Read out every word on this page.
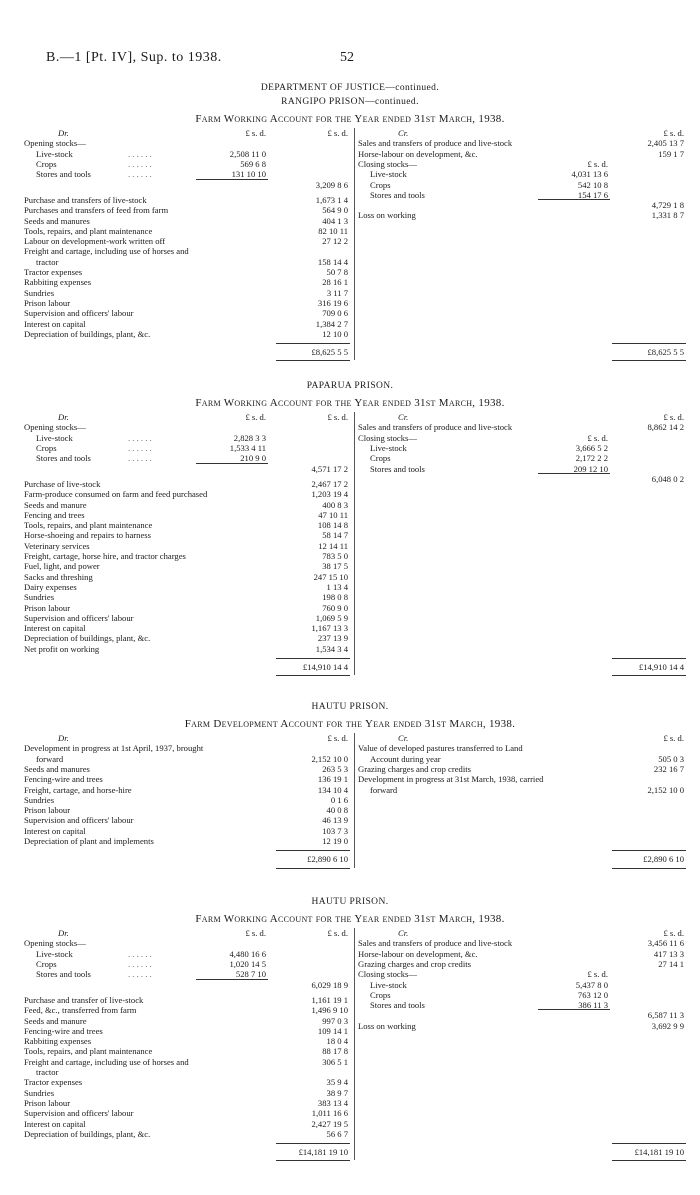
B.—1 [Pt. IV], Sup. to 1938.	52
DEPARTMENT OF JUSTICE—continued.
RANGIPO PRISON—continued.
Farm Working Account for the Year ended 31st March, 1938.
Dr.	£ s. d.	£ s. d.
Opening stocks—
Live-stock	. . . . . .	2,508 11 0
Crops	. . . . . .	569 6 8
Stores and tools	. . . . . .	131 10 10
3,209 8 6
Purchase and transfers of live-stock	1,673 1 4
Purchases and transfers of feed from farm	564 9 0
Seeds and manures	404 1 3
Tools, repairs, and plant maintenance	82 10 11
Labour on development-work written off	27 12 2
Freight and cartage, including use of horses and
tractor	158 14 4
Tractor expenses	50 7 8
Rabbiting expenses	28 16 1
Sundries	3 11 7
Prison labour	316 19 6
Supervision and officers' labour	709 0 6
Interest on capital	1,384 2 7
Depreciation of buildings, plant, &c.	12 10 0
£8,625 5 5
Cr.	£ s. d.
Sales and transfers of produce and live-stock	2,405 13 7
Horse-labour on development, &c.	159 1 7
Closing stocks—	£ s. d.
Live-stock	4,031 13 6
Crops	542 10 8
Stores and tools	154 17 6
4,729 1 8
Loss on working	1,331 8 7
£8,625 5 5
PAPARUA PRISON.
Farm Working Account for the Year ended 31st March, 1938.
Dr.	£ s. d.	£ s. d.
Opening stocks—
Live-stock	. . . . . .	2,828 3 3
Crops	. . . . . .	1,533 4 11
Stores and tools	. . . . . .	210 9 0
4,571 17 2
Purchase of live-stock	2,467 17 2
Farm-produce consumed on farm and feed purchased	1,203 19 4
Seeds and manure	400 8 3
Fencing and trees	47 10 11
Tools, repairs, and plant maintenance	108 14 8
Horse-shoeing and repairs to harness	58 14 7
Veterinary services	12 14 11
Freight, cartage, horse hire, and tractor charges	783 5 0
Fuel, light, and power	38 17 5
Sacks and threshing	247 15 10
Dairy expenses	1 13 4
Sundries	198 0 8
Prison labour	760 9 0
Supervision and officers' labour	1,069 5 9
Interest on capital	1,167 13 3
Depreciation of buildings, plant, &c.	237 13 9
Net profit on working	1,534 3 4
£14,910 14 4
Cr.	£ s. d.
Sales and transfers of produce and live-stock	8,862 14 2
Closing stocks—	£ s. d.
Live-stock	3,666 5 2
Crops	2,172 2 2
Stores and tools	209 12 10
6,048 0 2
£14,910 14 4
HAUTU PRISON.
Farm Development Account for the Year ended 31st March, 1938.
Dr.	£ s. d.
Development in progress at 1st April, 1937, brought
forward	2,152 10 0
Seeds and manures	263 5 3
Fencing-wire and trees	136 19 1
Freight, cartage, and horse-hire	134 10 4
Sundries	0 1 6
Prison labour	40 0 8
Supervision and officers' labour	46 13 9
Interest on capital	103 7 3
Depreciation of plant and implements	12 19 0
£2,890 6 10
Cr.	£ s. d.
Value of developed pastures transferred to Land
Account during year	505 0 3
Grazing charges and crop credits	232 16 7
Development in progress at 31st March, 1938, carried
forward	2,152 10 0
£2,890 6 10
HAUTU PRISON.
Farm Working Account for the Year ended 31st March, 1938.
Dr.	£ s. d.	£ s. d.
Opening stocks—
Live-stock	. . . . . .	4,480 16 6
Crops	. . . . . .	1,020 14 5
Stores and tools	. . . . . .	528 7 10
6,029 18 9
Purchase and transfer of live-stock	1,161 19 1
Feed, &c., transferred from farm	1,496 9 10
Seeds and manure	997 0 3
Fencing-wire and trees	109 14 1
Rabbiting expenses	18 0 4
Tools, repairs, and plant maintenance	88 17 8
Freight and cartage, including use of horses and	306 5 1
tractor
Tractor expenses	35 9 4
Sundries	38 9 7
Prison labour	383 13 4
Supervision and officers' labour	1,011 16 6
Interest on capital	2,427 19 5
Depreciation of buildings, plant, &c.	56 6 7
£14,181 19 10
Cr.	£ s. d.
Sales and transfers of produce and live-stock	3,456 11 6
Horse-labour on development, &c.	417 13 3
Grazing charges and crop credits	27 14 1
Closing stocks—	£ s. d.
Live-stock	5,437 8 0
Crops	763 12 0
Stores and tools	386 11 3
6,587 11 3
Loss on working	3,692 9 9
£14,181 19 10
